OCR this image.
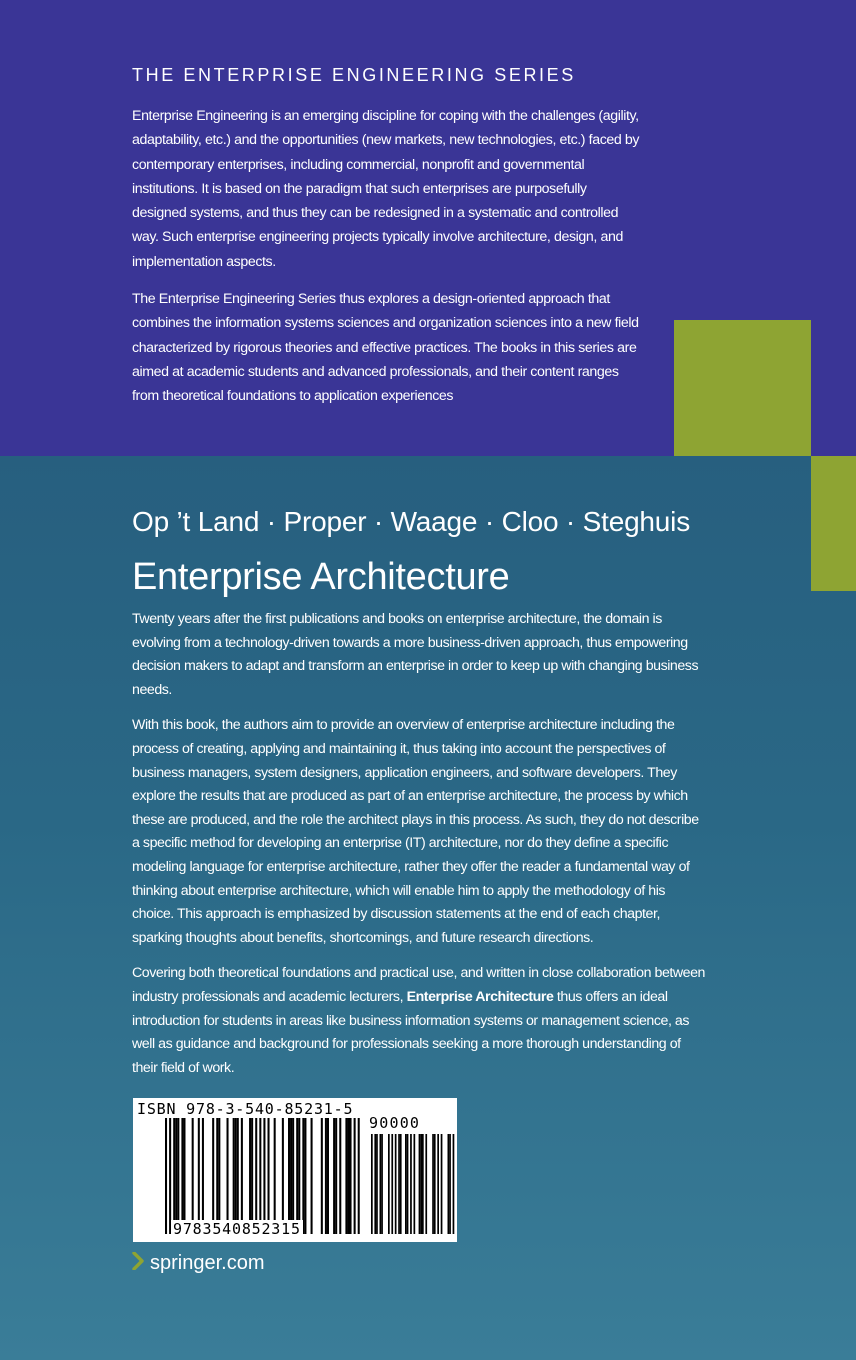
THE ENTERPRISE ENGINEERING SERIES

Enterprise Engineering is an emerging discipline for coping with the challenges (agility, adaptability, etc.) and the opportunities (new markets, new technologies, etc.) faced by contemporary enterprises, including commercial, nonprofit and governmental institutions. It is based on the paradigm that such enterprises are purposefully designed systems, and thus they can be redesigned in a systematic and controlled way. Such enterprise engineering projects typically involve architecture, design, and implementation aspects.

The Enterprise Engineering Series thus explores a design-oriented approach that combines the information systems sciences and organization sciences into a new field characterized by rigorous theories and effective practices. The books in this series are aimed at academic students and advanced professionals, and their content ranges from theoretical foundations to application experiences

Op ’t Land · Proper · Waage · Cloo · Steghuis
Enterprise Architecture

Twenty years after the first publications and books on enterprise architecture, the domain is evolving from a technology-driven towards a more business-driven approach, thus empowering decision makers to adapt and transform an enterprise in order to keep up with changing business needs.

With this book, the authors aim to provide an overview of enterprise architecture including the process of creating, applying and maintaining it, thus taking into account the perspectives of business managers, system designers, application engineers, and software developers. They explore the results that are produced as part of an enterprise architecture, the process by which these are produced, and the role the architect plays in this process. As such, they do not describe a specific method for developing an enterprise (IT) architecture, nor do they define a specific modeling language for enterprise architecture, rather they offer the reader a fundamental way of thinking about enterprise architecture, which will enable him to apply the methodology of his choice. This approach is emphasized by discussion statements at the end of each chapter, sparking thoughts about benefits, shortcomings, and future research directions.

Covering both theoretical foundations and practical use, and written in close collaboration between industry professionals and academic lecturers, Enterprise Architecture thus offers an ideal introduction for students in areas like business information systems or management science, as well as guidance and background for professionals seeking a more thorough understanding of their field of work.

ISBN 978-3-540-85231-5
90000
9783540852315
springer.com
